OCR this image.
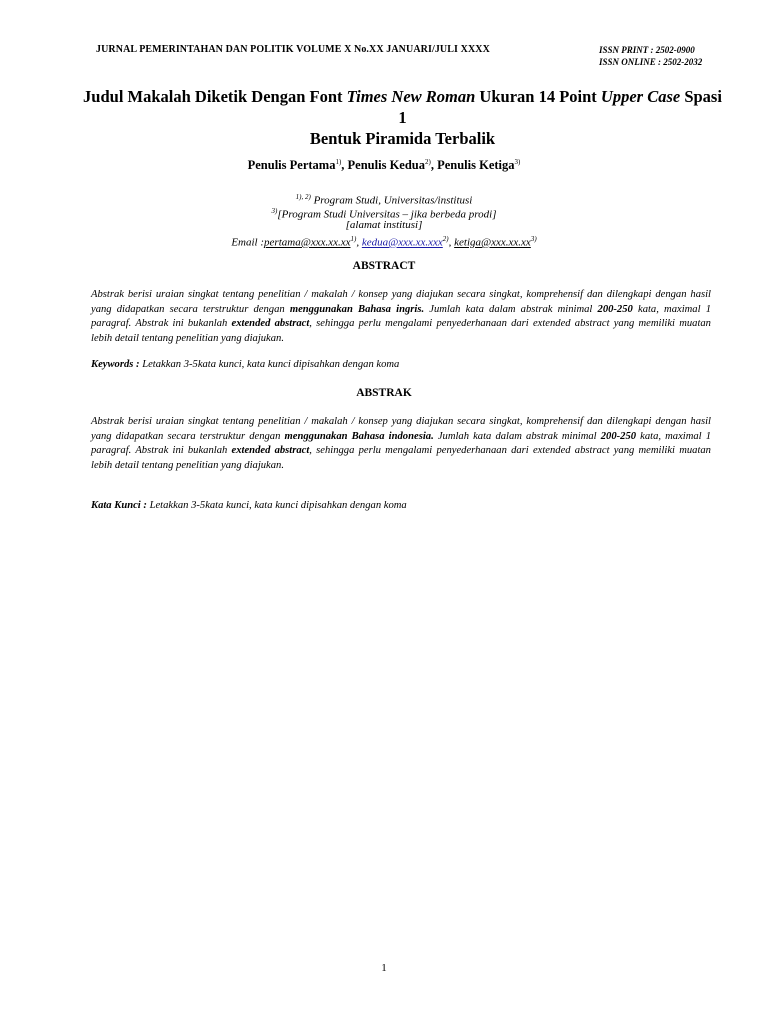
JURNAL PEMERINTAHAN DAN POLITIK VOLUME X No.XX JANUARI/JULI XXXX	ISSN PRINT : 2502-0900
ISSN ONLINE : 2502-2032
Judul Makalah Diketik Dengan Font Times New Roman Ukuran 14 Point Upper Case Spasi 1
Bentuk Piramida Terbalik
Penulis Pertama$^{1)}$, Penulis Kedua$^{2)}$, Penulis Ketiga$^{3)}$
$^{1), 2)}$ Program Studi, Universitas/institusi
$^{3)}$[Program Studi Universitas – jika berbeda prodi]
[alamat institusi]
Email $:pertama@xxx.xx.xx^{1)}$, kedua@xxx.xx.xxx$^{2)}$, $ketiga@xxx.xx.xx^{3)}$
ABSTRACT
Abstrak berisi uraian singkat tentang penelitian / makalah / konsep yang diajukan secara singkat, komprehensif dan dilengkapi dengan hasil yang didapatkan secara terstruktur dengan menggunakan Bahasa ingris. Jumlah kata dalam abstrak minimal 200-250 kata, maximal 1 paragraf. Abstrak ini bukanlah extended abstract, sehingga perlu mengalami penyederhanaan dari extended abstract yang memiliki muatan lebih detail tentang penelitian yang diajukan.
Keywords : Letakkan 3-5kata kunci, kata kunci dipisahkan dengan koma
ABSTRAK
Abstrak berisi uraian singkat tentang penelitian / makalah / konsep yang diajukan secara singkat, komprehensif dan dilengkapi dengan hasil yang didapatkan secara terstruktur dengan menggunakan Bahasa indonesia. Jumlah kata dalam abstrak minimal 200-250 kata, maximal 1 paragraf. Abstrak ini bukanlah extended abstract, sehingga perlu mengalami penyederhanaan dari extended abstract yang memiliki muatan lebih detail tentang penelitian yang diajukan.
Kata Kunci : Letakkan 3-5kata kunci, kata kunci dipisahkan dengan koma
1
